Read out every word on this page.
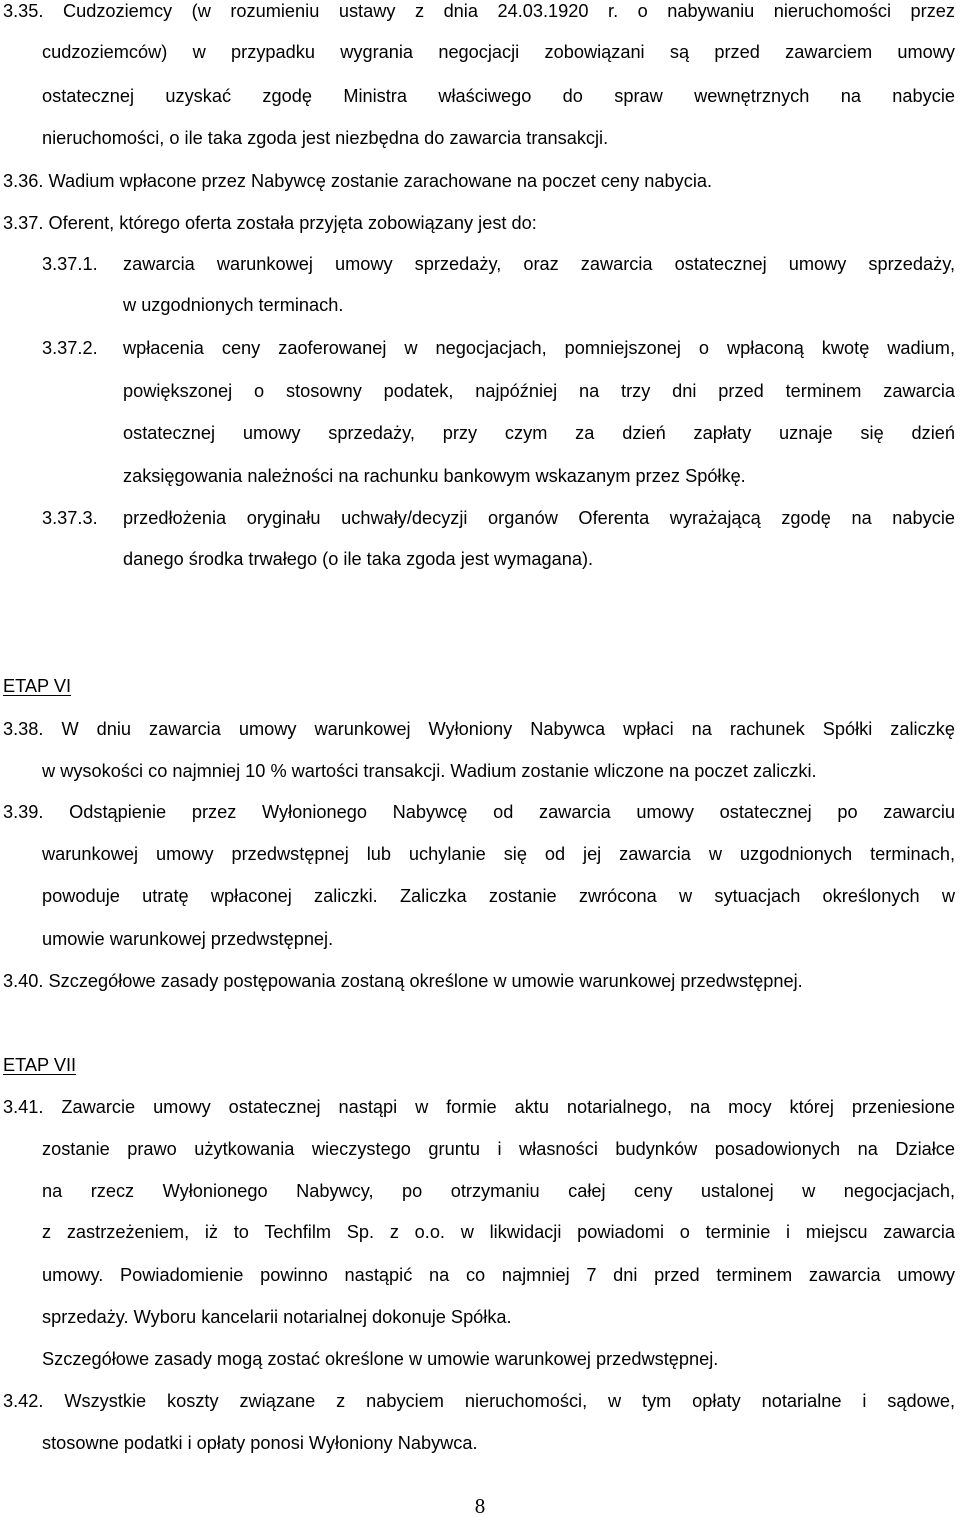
3.35. Cudzoziemcy (w rozumieniu ustawy z dnia 24.03.1920 r. o nabywaniu nieruchomości przez
cudzoziemców) w przypadku wygrania negocjacji zobowiązani są przed zawarciem umowy
ostatecznej uzyskać zgodę Ministra właściwego do spraw wewnętrznych na nabycie
nieruchomości, o ile taka zgoda jest niezbędna do zawarcia transakcji.
3.36. Wadium wpłacone przez Nabywcę zostanie zarachowane na poczet ceny nabycia.
3.37. Oferent, którego oferta została przyjęta zobowiązany jest do:
3.37.1. zawarcia warunkowej umowy sprzedaży, oraz zawarcia ostatecznej umowy sprzedaży,
w uzgodnionych terminach.
3.37.2. wpłacenia ceny zaoferowanej w negocjacjach, pomniejszonej o wpłaconą kwotę wadium,
powiększonej o stosowny podatek, najpóźniej na trzy dni przed terminem zawarcia
ostatecznej umowy sprzedaży, przy czym za dzień zapłaty uznaje się dzień
zaksięgowania należności na rachunku bankowym wskazanym przez Spółkę.
3.37.3. przedłożenia oryginału uchwały/decyzji organów Oferenta wyrażającą zgodę na nabycie
danego środka trwałego (o ile taka zgoda jest wymagana).
ETAP VI
3.38. W dniu zawarcia umowy warunkowej Wyłoniony Nabywca wpłaci na rachunek Spółki zaliczkę
w wysokości co najmniej 10 % wartości transakcji. Wadium zostanie wliczone na poczet zaliczki.
3.39. Odstąpienie przez Wyłonionego Nabywcę od zawarcia umowy ostatecznej po zawarciu
warunkowej umowy przedwstępnej lub uchylanie się od jej zawarcia w uzgodnionych terminach,
powoduje utratę wpłaconej zaliczki. Zaliczka zostanie zwrócona w sytuacjach określonych w
umowie warunkowej przedwstępnej.
3.40. Szczegółowe zasady postępowania zostaną określone w umowie warunkowej przedwstępnej.
ETAP VII
3.41. Zawarcie umowy ostatecznej nastąpi w formie aktu notarialnego, na mocy której przeniesione
zostanie prawo użytkowania wieczystego gruntu i własności budynków posadowionych na Działce
na rzecz Wyłonionego Nabywcy, po otrzymaniu całej ceny ustalonej w negocjacjach,
z zastrzeżeniem, iż to Techfilm Sp. z o.o. w likwidacji powiadomi o terminie i miejscu zawarcia
umowy. Powiadomienie powinno nastąpić na co najmniej 7 dni przed terminem zawarcia umowy
sprzedaży. Wyboru kancelarii notarialnej dokonuje Spółka.
Szczegółowe zasady mogą zostać określone w umowie warunkowej przedwstępnej.
3.42. Wszystkie koszty związane z nabyciem nieruchomości, w tym opłaty notarialne i sądowe,
stosowne podatki i opłaty ponosi Wyłoniony Nabywca.
8
